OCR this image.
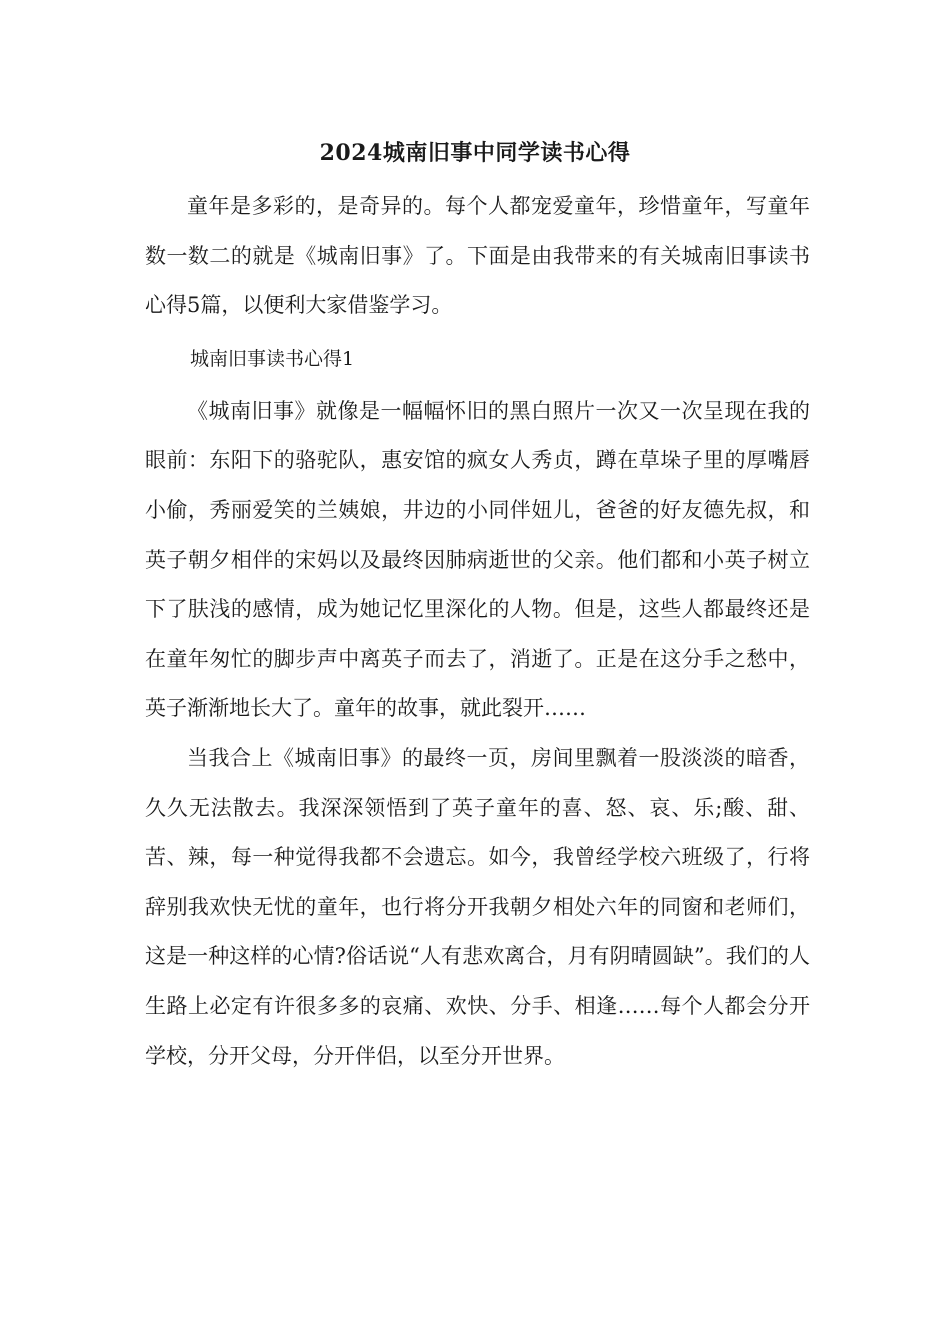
2024城南旧事中同学读书心得

童年是多彩的，是奇异的。每个人都宠爱童年，珍惜童年，写童年数一数二的就是《城南旧事》了。下面是由我带来的有关城南旧事读书心得5篇，以便利大家借鉴学习。

城南旧事读书心得1

《城南旧事》就像是一幅幅怀旧的黑白照片一次又一次呈现在我的眼前：东阳下的骆驼队，惠安馆的疯女人秀贞，蹲在草垛子里的厚嘴唇小偷，秀丽爱笑的兰姨娘，井边的小同伴妞儿，爸爸的好友德先叔，和英子朝夕相伴的宋妈以及最终因肺病逝世的父亲。他们都和小英子树立下了肤浅的感情，成为她记忆里深化的人物。但是，这些人都最终还是在童年匆忙的脚步声中离英子而去了，消逝了。正是在这分手之愁中，英子渐渐地长大了。童年的故事，就此裂开……

当我合上《城南旧事》的最终一页，房间里飘着一股淡淡的暗香，久久无法散去。我深深领悟到了英子童年的喜、怒、哀、乐;酸、甜、苦、辣，每一种觉得我都不会遗忘。如今，我曾经学校六班级了，行将辞别我欢快无忧的童年，也行将分开我朝夕相处六年的同窗和老师们，这是一种这样的心情?俗话说“人有悲欢离合，月有阴晴圆缺”。我们的人生路上必定有许很多多的哀痛、欢快、分手、相逢……每个人都会分开学校，分开父母，分开伴侣，以至分开世界。
